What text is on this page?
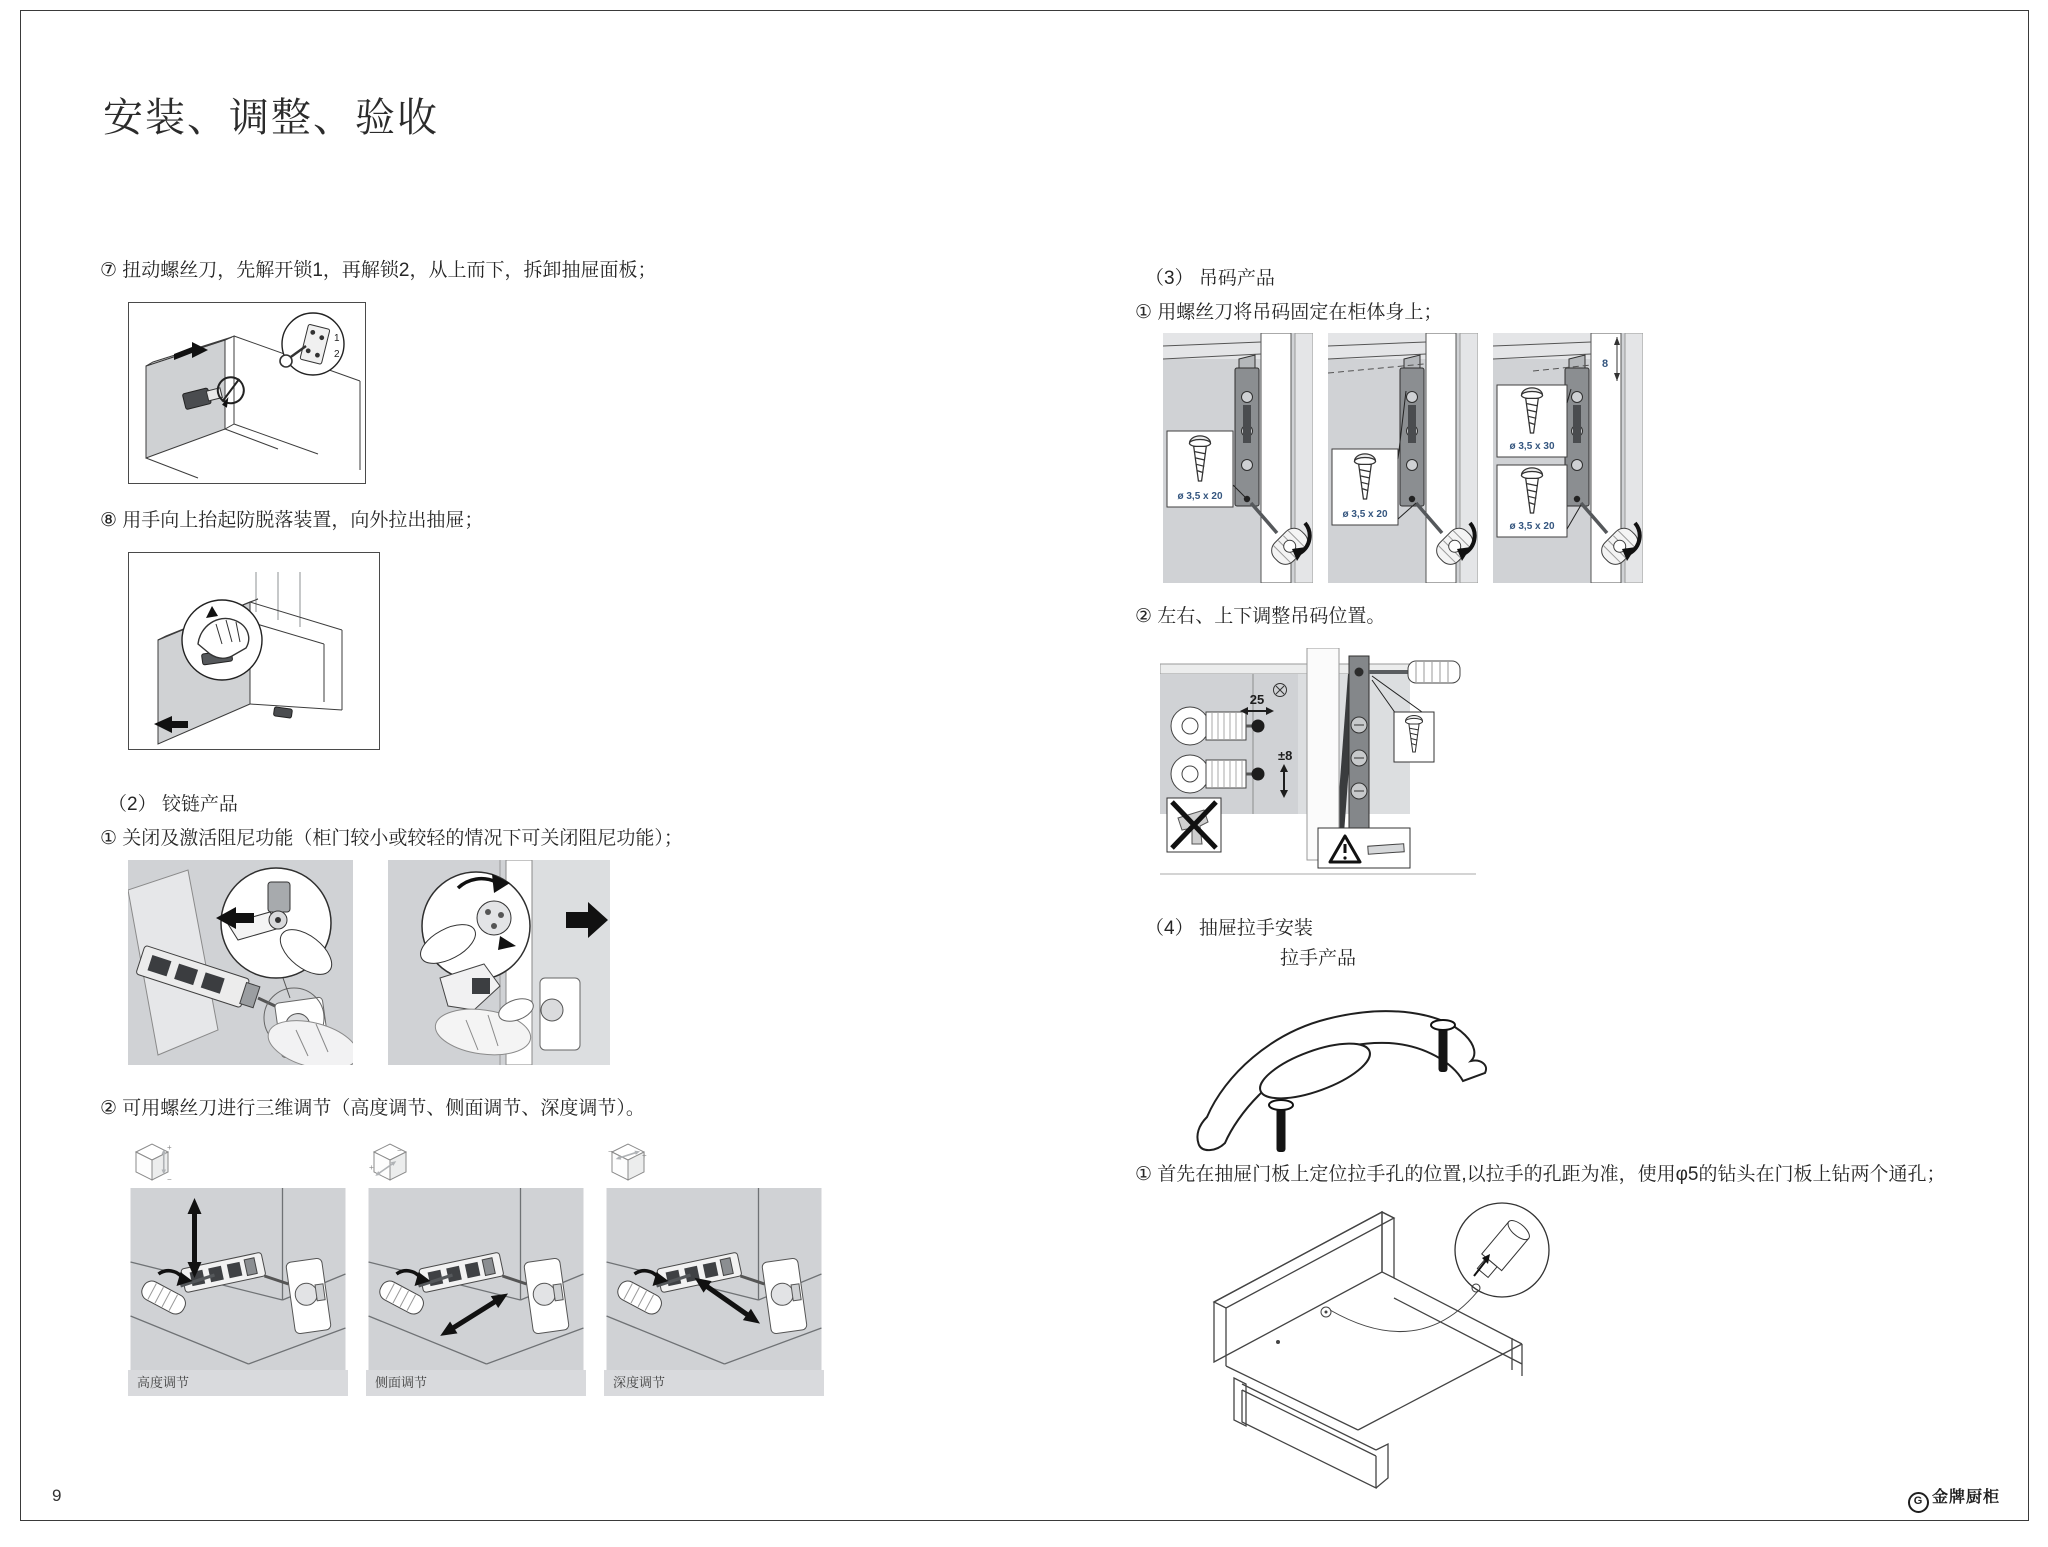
安装、调整、验收
⑦ 扭动螺丝刀，先解开锁1，再解锁2，从上而下，拆卸抽屉面板；
1
2
⑧ 用手向上抬起防脱落装置，向外拉出抽屉；
（2） 铰链产品
① 关闭及激活阻尼功能（柜门较小或较轻的情况下可关闭阻尼功能）；
② 可用螺丝刀进行三维调节（高度调节、侧面调节、深度调节）。
+
−
高度调节
+
−
侧面调节
−	+
深度调节
（3） 吊码产品
① 用螺丝刀将吊码固定在柜体身上；
ø 3,5 x 20
ø 3,5 x 20
8
ø 3,5 x 30
ø 3,5 x 20
② 左右、上下调整吊码位置。
25
±8
（4） 抽屉拉手安装
拉手产品
① 首先在抽屉门板上定位拉手孔的位置,以拉手的孔距为准，使用φ5的钻头在门板上钻两个通孔；
9	G 金牌厨柜
